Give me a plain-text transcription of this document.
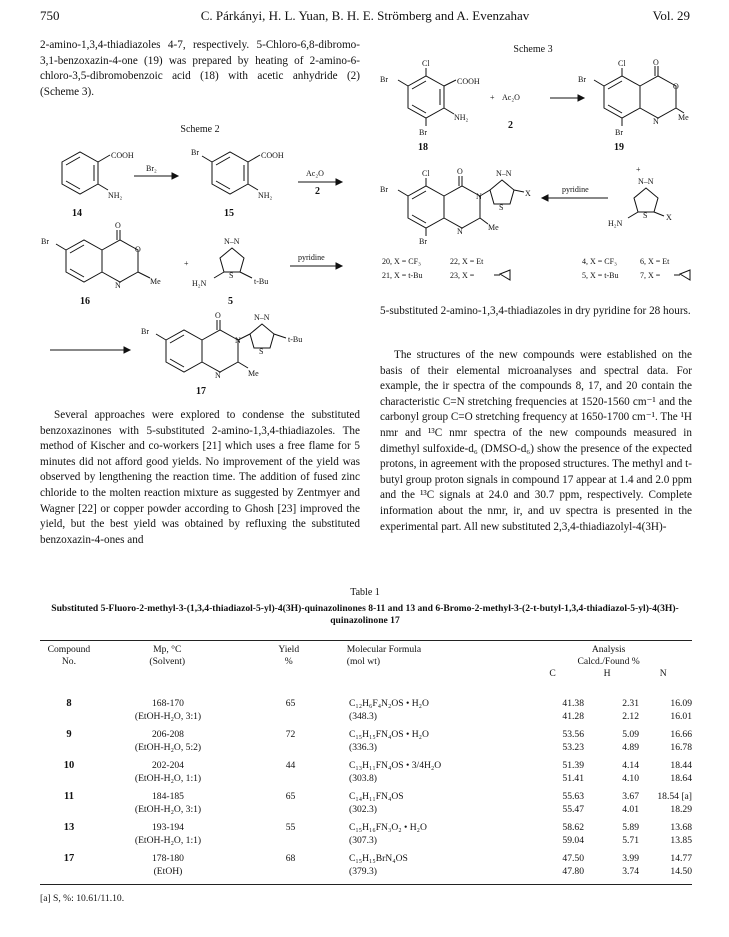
750	C. Párkányi, H. L. Yuan, B. H. E. Strömberg and A. Evenzahav	Vol. 29

2-amino-1,3,4-thiadiazoles 4-7, respectively. 5-Chloro-6,8-dibromo-3,1-benzoxazin-4-one (19) was prepared by heating of 2-amino-6-chloro-3,5-dibromobenzoic acid (18) with acetic anhydride (2) (Scheme 3).

Scheme 2
COOH
NH₂
14
Br₂
Br	COOH
NH₂
15
Ac₂O
2
Br
O
O
N	Me
16
+
N–N
S
H₂N	t-Bu
5
pyridine
Br
O
N
N	Me
N–N
S
t-Bu
17

Several approaches were explored to condense the substituted benzoxazinones with 5-substituted 2-amino-1,3,4-thiadiazoles. The method of Kischer and co-workers [21] which uses a free flame for 5 minutes did not afford good yields. No improvement of the yield was observed by lengthening the reaction time. The addition of fused zinc chloride to the molten reaction mixture as suggested by Zentmyer and Wagner [22] or copper powder according to Ghosh [23] improved the yield, but the best yield was obtained by refluxing the substituted benzoxazin-4-ones and

Scheme 3
Cl
COOH
NH₂
Br
Br
18
+ Ac₂O
2
Cl	O
O
N Me
Br
Br
19
+
Cl	O
N
N	Me
N–N
S
X
Br
Br
pyridine
N–N
S
H₂N
X
20, X = CF₃	22, X = Et
21, X = t-Bu	23, X =
4, X = CF₃	6, X = Et
5, X = t-Bu	7, X =

5-substituted 2-amino-1,3,4-thiadiazoles in dry pyridine for 28 hours.

The structures of the new compounds were established on the basis of their elemental microanalyses and spectral data. For example, the ir spectra of the compounds 8, 17, and 20 contain the characteristic C=N stretching frequencies at 1520-1560 cm⁻¹ and the carbonyl group C=O stretching frequency at 1650-1700 cm⁻¹. The ¹H nmr and ¹³C nmr spectra of the new compounds measured in dimethyl sulfoxide-d₆ (DMSO-d₆) show the presence of the expected protons, in agreement with the proposed structures. The methyl and t-butyl group proton signals in compound 17 appear at 1.4 and 2.0 ppm and the ¹³C signals at 24.0 and 30.7 ppm, respectively. Complete information about the nmr, ir, and uv spectra is presented in the experimental part. All new substituted 2,3,4-thiadiazolyl-4(3H)-

Table 1
Substituted 5-Fluoro-2-methyl-3-(1,3,4-thiadiazol-5-yl)-4(3H)-quinazolinones 8-11 and 13 and 6-Bromo-2-methyl-3-(2-t-butyl-1,3,4-thiadiazol-5-yl)-4(3H)-quinazolinone 17
Compound	Mp, °C	Yield	Molecular Formula	Analysis		
No.	(Solvent)	%	(mol wt)	Calcd./Found %		
				C	H	N

8	168-170	65	C₁₂H₆F₄N₂OS • H₂O	41.38	2.31	16.09
(EtOH-H₂O, 3:1)	(348.3)	41.28	2.12	16.01
9	206-208	72	C₁₅H₁₅FN₄OS • H₂O	53.56	5.09	16.66
(EtOH-H₂O, 5:2)	(336.3)	53.23	4.89	16.78
10	202-204	44	C₁₃H₁₁FN₄OS • 3/4H₂O	51.39	4.14	18.44
(EtOH-H₂O, 1:1)	(303.8)	51.41	4.10	18.64
11	184-185	65	C₁₄H₁₁FN₄OS	55.63	3.67	18.54 [a]
(EtOH-H₂O, 3:1)	(302.3)	55.47	4.01	18.29
13	193-194	55	C₁₅H₁₆FN₃O₂ • H₂O	58.62	5.89	13.68
(EtOH-H₂O, 1:1)	(307.3)	59.04	5.71	13.85
17	178-180	68	C₁₅H₁₅BrN₄OS	47.50	3.99	14.77
(EtOH)	(379.3)	47.80	3.74	14.50
[a] S, %: 10.61/11.10.
